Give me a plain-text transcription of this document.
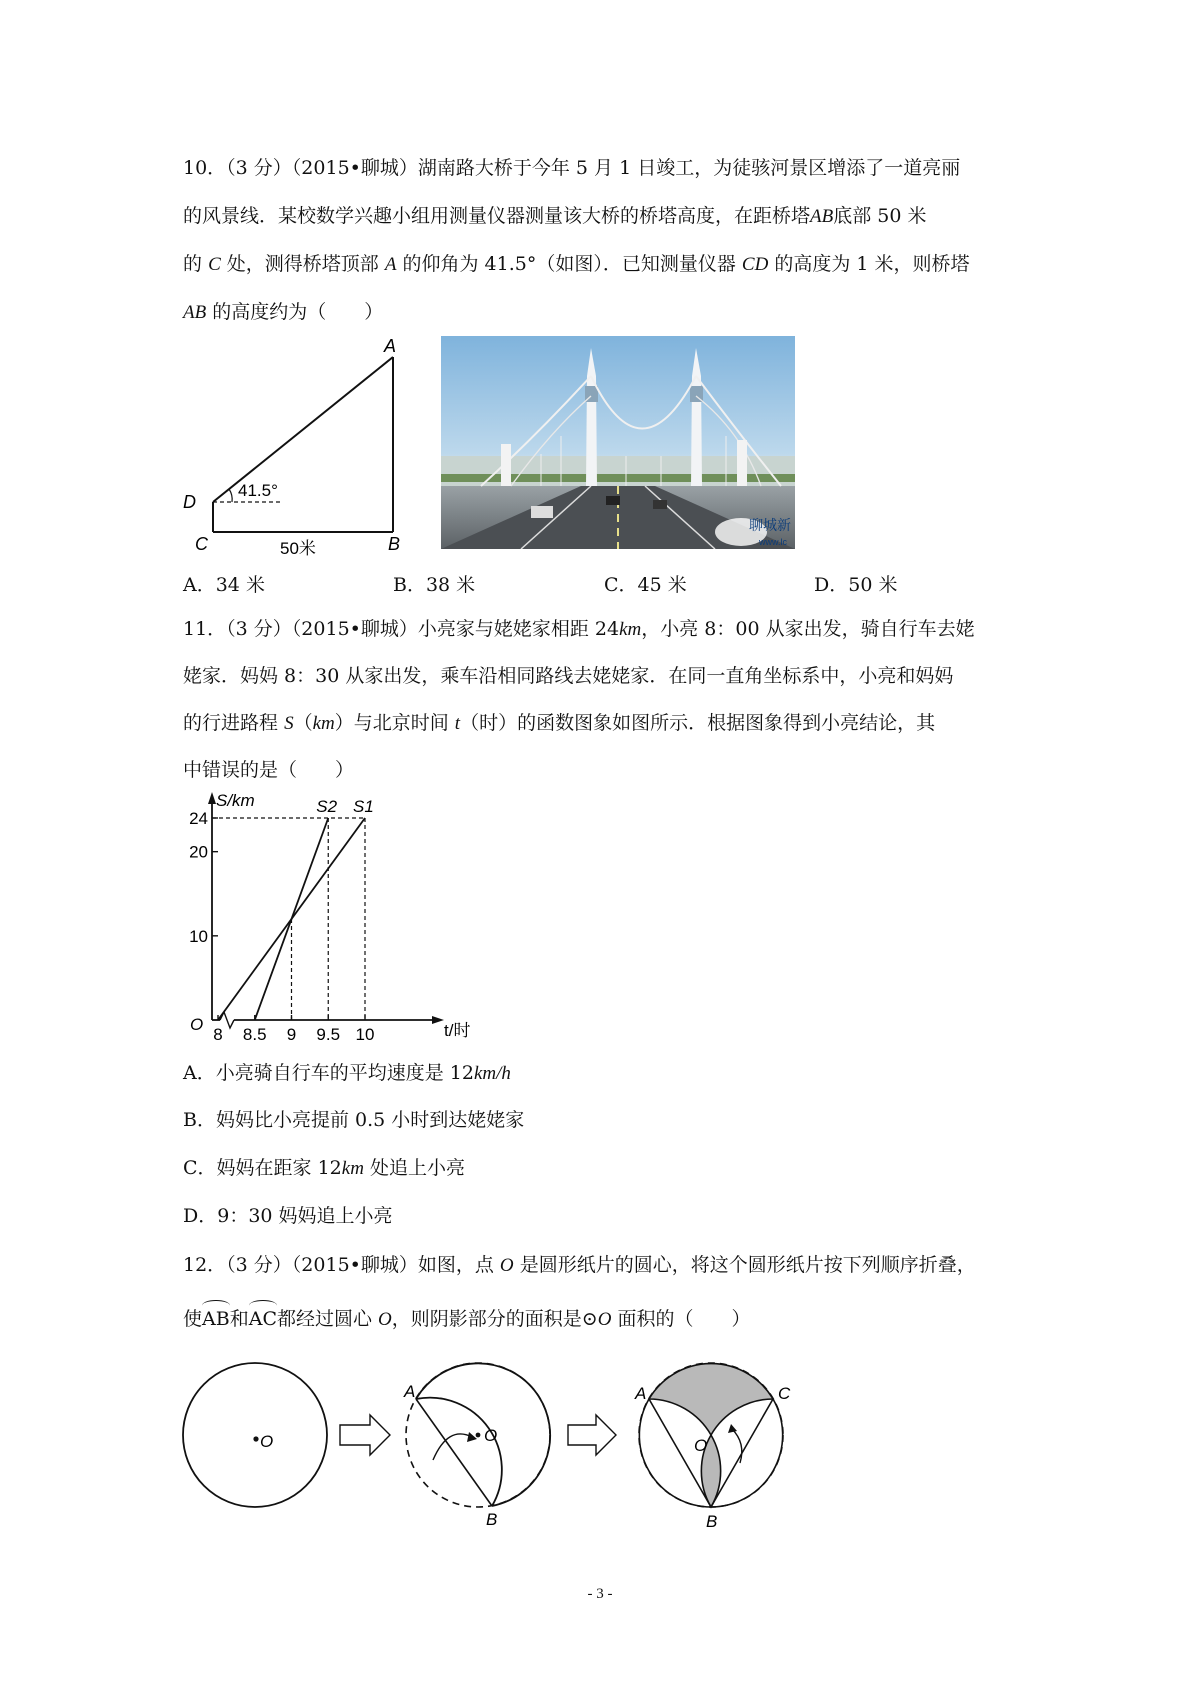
10．（3 分）（2015•聊城）湖南路大桥于今年 5 月 1 日竣工，为徒骇河景区增添了一道亮丽
的风景线．某校数学兴趣小组用测量仪器测量该大桥的桥塔高度，在距桥塔AB底部 50 米
的 C 处，测得桥塔顶部 A 的仰角为 41.5°（如图）．已知测量仪器 CD 的高度为 1 米，则桥塔
AB 的高度约为（　　）
A
D
C	B
41.5°
50米
聊城新
www.lc
A．34 米	B．38 米	C．45 米	D．50 米
11．（3 分）（2015•聊城）小亮家与姥姥家相距 24km，小亮 8：00 从家出发，骑自行车去姥
姥家．妈妈 8：30 从家出发，乘车沿相同路线去姥姥家．在同一直角坐标系中，小亮和妈妈
的行进路程 S（km）与北京时间 t（时）的函数图象如图所示．根据图象得到小亮结论，其
中错误的是（　　）
S/km
t/时
O
S1
S2
8 8.5 9 9.5 10
10
20
24
A．小亮骑自行车的平均速度是 12km/h
B．妈妈比小亮提前 0.5 小时到达姥姥家
C．妈妈在距家 12km 处追上小亮
D．9：30 妈妈追上小亮
12．（3 分）（2015•聊城）如图，点 O 是圆形纸片的圆心，将这个圆形纸片按下列顺序折叠，
使AB和AC都经过圆心 O，则阴影部分的面积是⊙O 面积的（　　）
O
A
O
B
A	C
O
B
- 3 -
